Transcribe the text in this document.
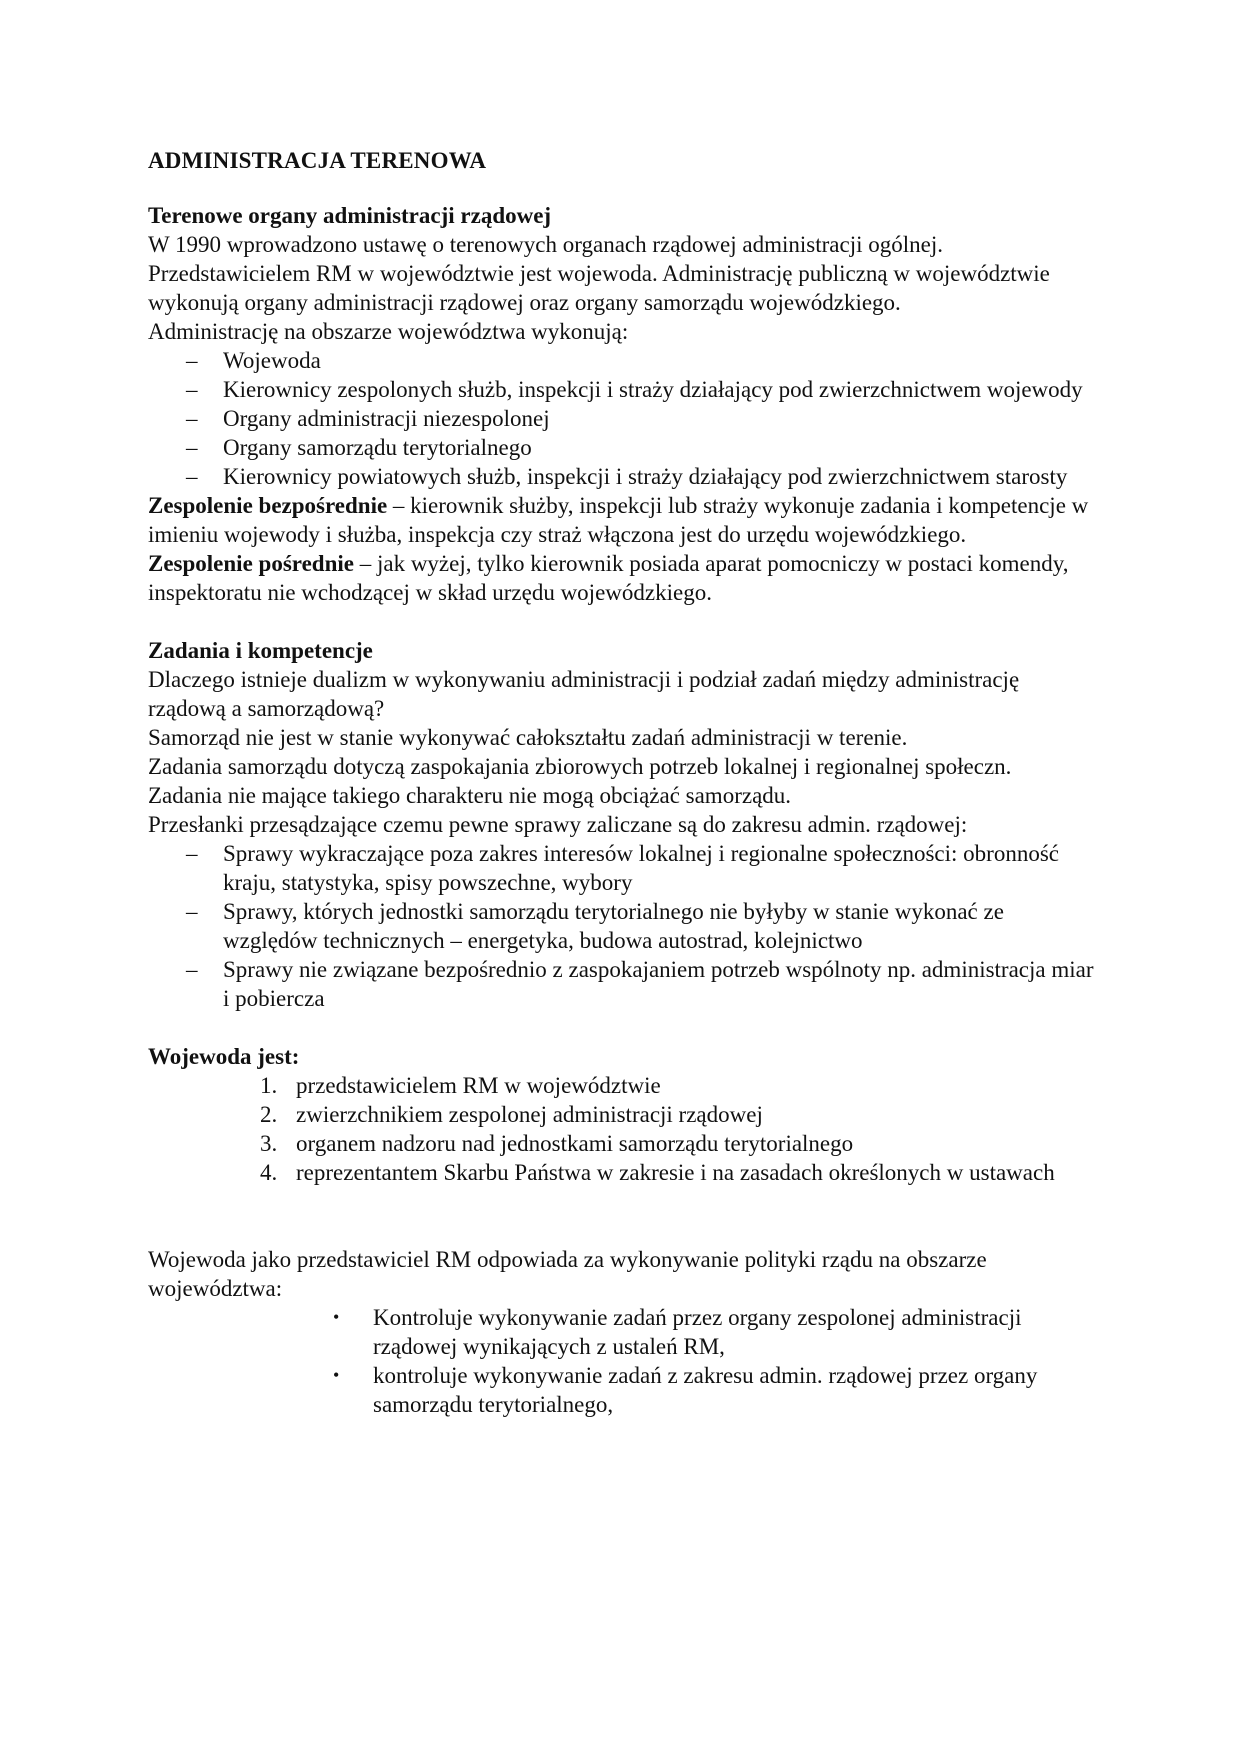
ADMINISTRACJA TERENOWA

Terenowe organy administracji rządowej

W 1990 wprowadzono ustawę o terenowych organach rządowej administracji ogólnej.

Przedstawicielem RM w województwie jest wojewoda. Administrację publiczną w województwie wykonują organy administracji rządowej oraz organy samorządu wojewódzkiego.

Administrację na obszarze województwa wykonują:

– Wojewoda
– Kierownicy zespolonych służb, inspekcji i straży działający pod zwierzchnictwem wojewody
– Organy administracji niezespolonej
– Organy samorządu terytorialnego
– Kierownicy powiatowych służb, inspekcji i straży działający pod zwierzchnictwem starosty

Zespolenie bezpośrednie – kierownik służby, inspekcji lub straży wykonuje zadania i kompetencje w imieniu wojewody i służba, inspekcja czy straż włączona jest do urzędu wojewódzkiego.

Zespolenie pośrednie – jak wyżej, tylko kierownik posiada aparat pomocniczy w postaci komendy, inspektoratu nie wchodzącej w skład urzędu wojewódzkiego.

Zadania i kompetencje

Dlaczego istnieje dualizm w wykonywaniu administracji i podział zadań między administrację rządową a samorządową?

Samorząd nie jest w stanie wykonywać całokształtu zadań administracji w terenie.

Zadania samorządu dotyczą zaspokajania zbiorowych potrzeb lokalnej i regionalnej społeczn.

Zadania nie mające takiego charakteru nie mogą obciążać samorządu.

Przesłanki przesądzające czemu pewne sprawy zaliczane są do zakresu admin. rządowej:

– Sprawy wykraczające poza zakres interesów lokalnej i regionalne społeczności: obronność kraju, statystyka, spisy powszechne, wybory
– Sprawy, których jednostki samorządu terytorialnego nie byłyby w stanie wykonać ze względów technicznych – energetyka, budowa autostrad, kolejnictwo
– Sprawy nie związane bezpośrednio z zaspokajaniem potrzeb wspólnoty np. administracja miar i pobiercza

Wojewoda jest:

1. przedstawicielem RM w województwie
2. zwierzchnikiem zespolonej administracji rządowej
3. organem nadzoru nad jednostkami samorządu terytorialnego
4. reprezentantem Skarbu Państwa w zakresie i na zasadach określonych w ustawach

Wojewoda jako przedstawiciel RM odpowiada za wykonywanie polityki rządu na obszarze województwa:

• Kontroluje wykonywanie zadań przez organy zespolonej administracji rządowej wynikających z ustaleń RM,
• kontroluje wykonywanie zadań z zakresu admin. rządowej przez organy samorządu terytorialnego,
